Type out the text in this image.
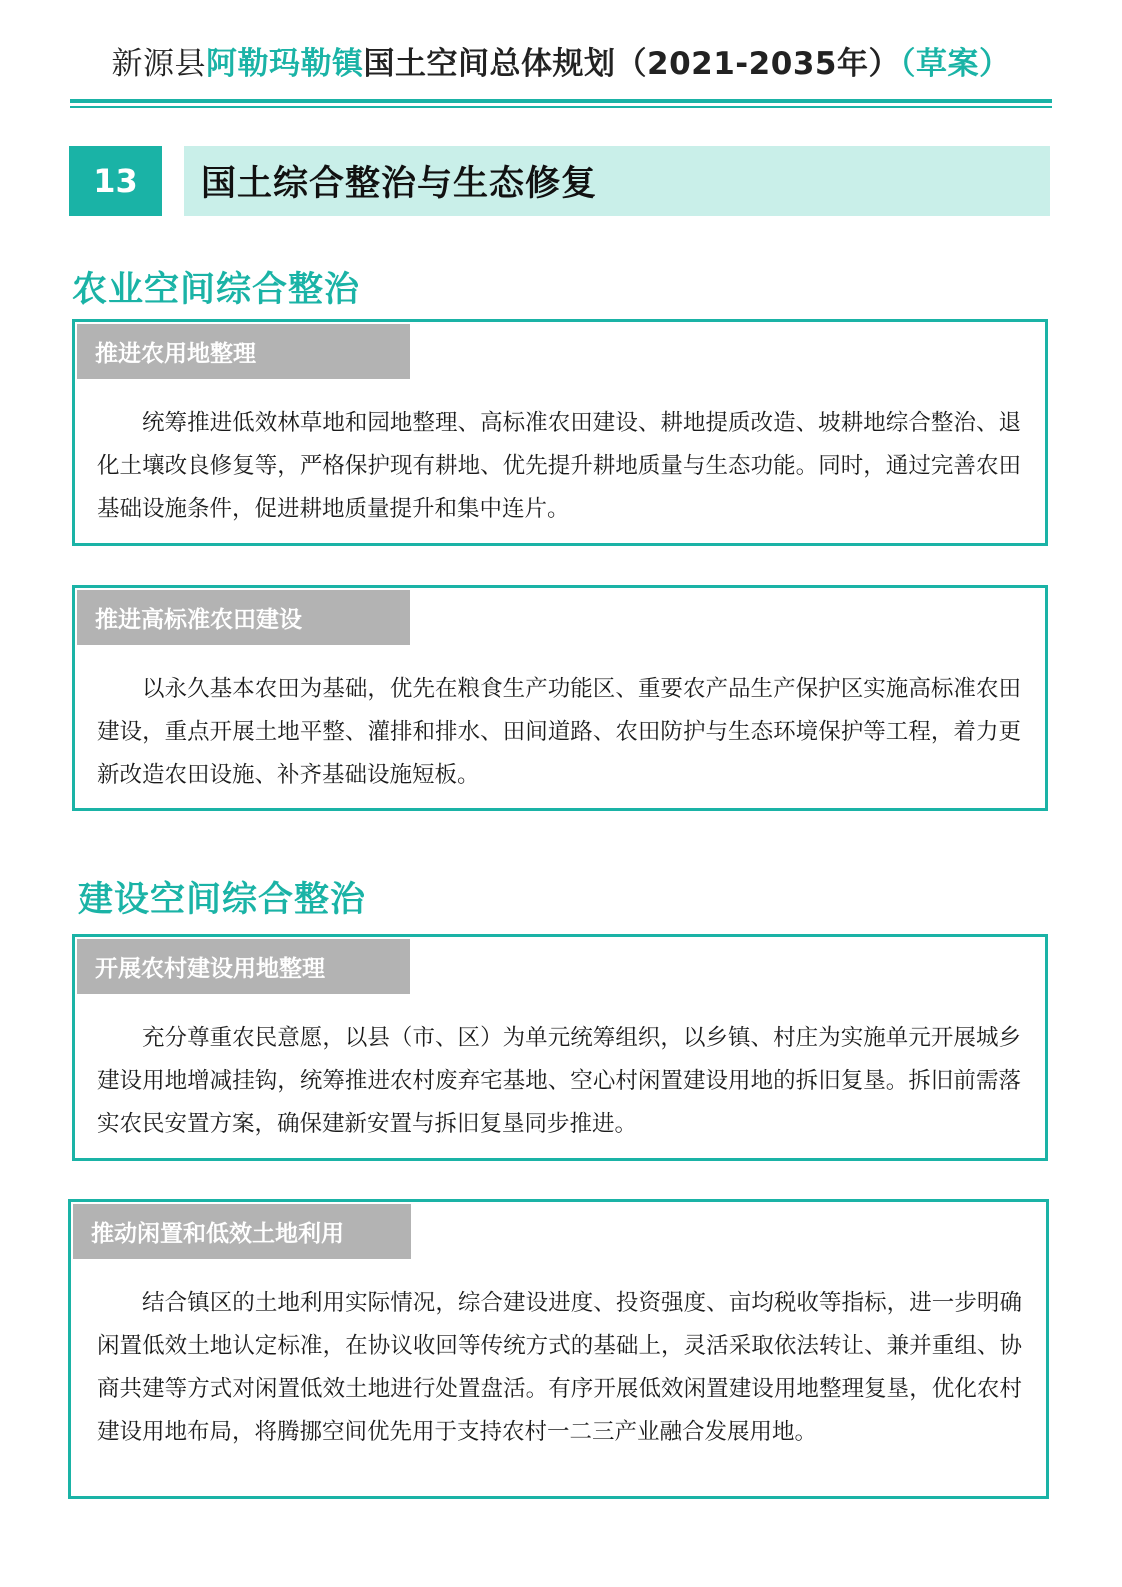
新源县阿勒玛勒镇国土空间总体规划（2021-2035年）（草案）
13	国土综合整治与生态修复
农业空间综合整治
推进农用地整理
统筹推进低效林草地和园地整理、高标准农田建设、耕地提质改造、坡耕地综合整治、退化土壤改良修复等，严格保护现有耕地、优先提升耕地质量与生态功能。同时，通过完善农田基础设施条件，促进耕地质量提升和集中连片。
推进高标准农田建设
以永久基本农田为基础，优先在粮食生产功能区、重要农产品生产保护区实施高标准农田建设，重点开展土地平整、灌排和排水、田间道路、农田防护与生态环境保护等工程，着力更新改造农田设施、补齐基础设施短板。
建设空间综合整治
开展农村建设用地整理
充分尊重农民意愿，以县（市、区）为单元统筹组织，以乡镇、村庄为实施单元开展城乡建设用地增减挂钩，统筹推进农村废弃宅基地、空心村闲置建设用地的拆旧复垦。拆旧前需落实农民安置方案，确保建新安置与拆旧复垦同步推进。
推动闲置和低效土地利用
结合镇区的土地利用实际情况，综合建设进度、投资强度、亩均税收等指标，进一步明确闲置低效土地认定标准，在协议收回等传统方式的基础上，灵活采取依法转让、兼并重组、协商共建等方式对闲置低效土地进行处置盘活。有序开展低效闲置建设用地整理复垦，优化农村建设用地布局，将腾挪空间优先用于支持农村一二三产业融合发展用地。
